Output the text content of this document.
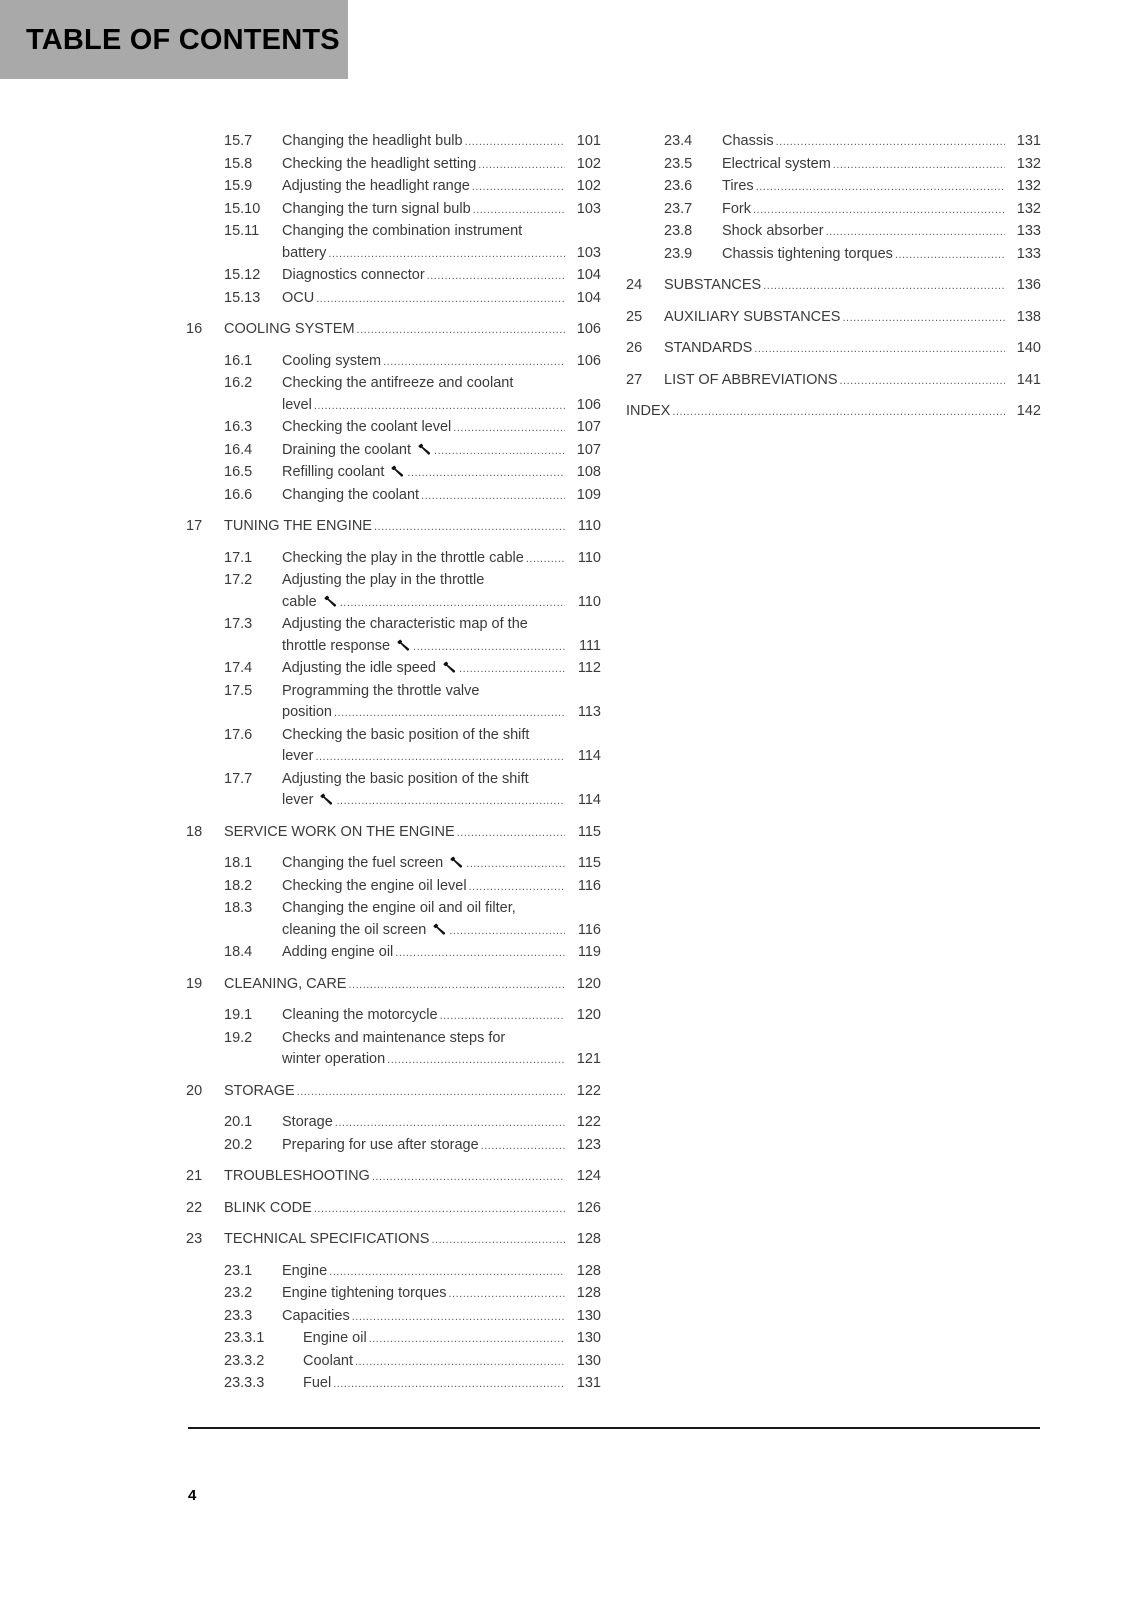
TABLE OF CONTENTS
15.7 Changing the headlight bulb .....	101
15.8 Checking the headlight setting .....	102
15.9 Adjusting the headlight range .....	102
15.10 Changing the turn signal bulb .....	103
15.11 Changing the combination instrument
battery .....	103
15.12 Diagnostics connector .....	104
15.13 OCU .....	104
16 COOLING SYSTEM .....	106
16.1 Cooling system .....	106
16.2 Checking the antifreeze and coolant
level .....	106
16.3 Checking the coolant level .....	107
16.4 Draining the coolant .....	107
16.5 Refilling coolant .....	108
16.6 Changing the coolant .....	109
17 TUNING THE ENGINE .....	110
17.1 Checking the play in the throttle cable .....	110
17.2 Adjusting the play in the throttle
cable .....	110
17.3 Adjusting the characteristic map of the
throttle response .....	111
17.4 Adjusting the idle speed .....	112
17.5 Programming the throttle valve
position .....	113
17.6 Checking the basic position of the shift
lever .....	114
17.7 Adjusting the basic position of the shift
lever .....	114
18 SERVICE WORK ON THE ENGINE .....	115
18.1 Changing the fuel screen .....	115
18.2 Checking the engine oil level .....	116
18.3 Changing the engine oil and oil filter,
cleaning the oil screen .....	116
18.4 Adding engine oil .....	119
19 CLEANING, CARE .....	120
19.1 Cleaning the motorcycle .....	120
19.2 Checks and maintenance steps for
winter operation .....	121
20 STORAGE .....	122
20.1 Storage .....	122
20.2 Preparing for use after storage .....	123
21 TROUBLESHOOTING .....	124
22 BLINK CODE .....	126
23 TECHNICAL SPECIFICATIONS .....	128
23.1 Engine .....	128
23.2 Engine tightening torques .....	128
23.3 Capacities .....	130
23.3.1	Engine oil .....	130
23.3.2	Coolant .....	130
23.3.3	Fuel .....	131
23.4 Chassis .....	131
23.5 Electrical system .....	132
23.6 Tires .....	132
23.7 Fork .....	132
23.8 Shock absorber .....	133
23.9 Chassis tightening torques .....	133
24 SUBSTANCES .....	136
25 AUXILIARY SUBSTANCES .....	138
26 STANDARDS .....	140
27 LIST OF ABBREVIATIONS .....	141
INDEX .....	142
4
